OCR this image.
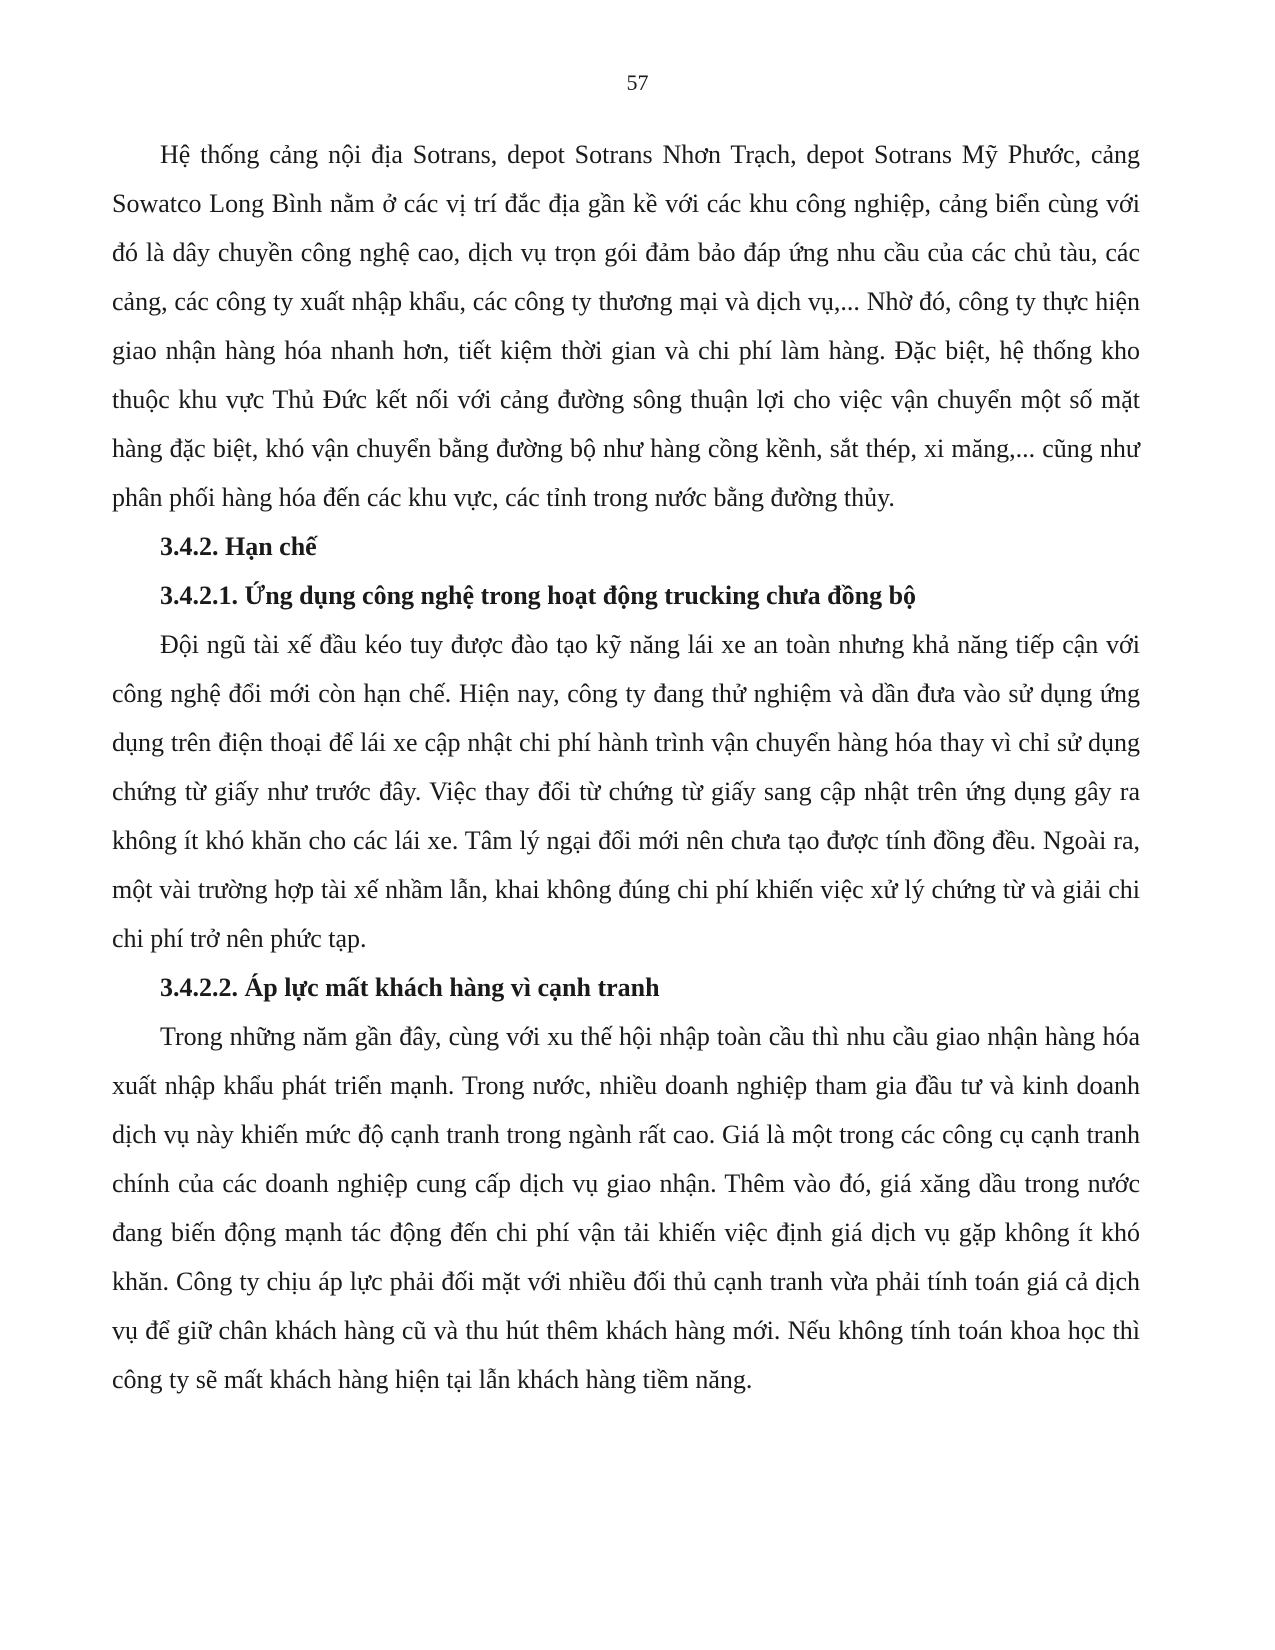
57

Hệ thống cảng nội địa Sotrans, depot Sotrans Nhơn Trạch, depot Sotrans Mỹ Phước, cảng Sowatco Long Bình nằm ở các vị trí đắc địa gần kề với các khu công nghiệp, cảng biển cùng với đó là dây chuyền công nghệ cao, dịch vụ trọn gói đảm bảo đáp ứng nhu cầu của các chủ tàu, các cảng, các công ty xuất nhập khẩu, các công ty thương mại và dịch vụ,... Nhờ đó, công ty thực hiện giao nhận hàng hóa nhanh hơn, tiết kiệm thời gian và chi phí làm hàng. Đặc biệt, hệ thống kho thuộc khu vực Thủ Đức kết nối với cảng đường sông thuận lợi cho việc vận chuyển một số mặt hàng đặc biệt, khó vận chuyển bằng đường bộ như hàng cồng kềnh, sắt thép, xi măng,... cũng như phân phối hàng hóa đến các khu vực, các tỉnh trong nước bằng đường thủy.

3.4.2. Hạn chế

3.4.2.1. Ứng dụng công nghệ trong hoạt động trucking chưa đồng bộ

Đội ngũ tài xế đầu kéo tuy được đào tạo kỹ năng lái xe an toàn nhưng khả năng tiếp cận với công nghệ đổi mới còn hạn chế. Hiện nay, công ty đang thử nghiệm và dần đưa vào sử dụng ứng dụng trên điện thoại để lái xe cập nhật chi phí hành trình vận chuyển hàng hóa thay vì chỉ sử dụng chứng từ giấy như trước đây. Việc thay đổi từ chứng từ giấy sang cập nhật trên ứng dụng gây ra không ít khó khăn cho các lái xe. Tâm lý ngại đổi mới nên chưa tạo được tính đồng đều. Ngoài ra, một vài trường hợp tài xế nhầm lẫn, khai không đúng chi phí khiến việc xử lý chứng từ và giải chi chi phí trở nên phức tạp.

3.4.2.2. Áp lực mất khách hàng vì cạnh tranh

Trong những năm gần đây, cùng với xu thế hội nhập toàn cầu thì nhu cầu giao nhận hàng hóa xuất nhập khẩu phát triển mạnh. Trong nước, nhiều doanh nghiệp tham gia đầu tư và kinh doanh dịch vụ này khiến mức độ cạnh tranh trong ngành rất cao. Giá là một trong các công cụ cạnh tranh chính của các doanh nghiệp cung cấp dịch vụ giao nhận. Thêm vào đó, giá xăng dầu trong nước đang biến động mạnh tác động đến chi phí vận tải khiến việc định giá dịch vụ gặp không ít khó khăn. Công ty chịu áp lực phải đối mặt với nhiều đối thủ cạnh tranh vừa phải tính toán giá cả dịch vụ để giữ chân khách hàng cũ và thu hút thêm khách hàng mới. Nếu không tính toán khoa học thì công ty sẽ mất khách hàng hiện tại lẫn khách hàng tiềm năng.
